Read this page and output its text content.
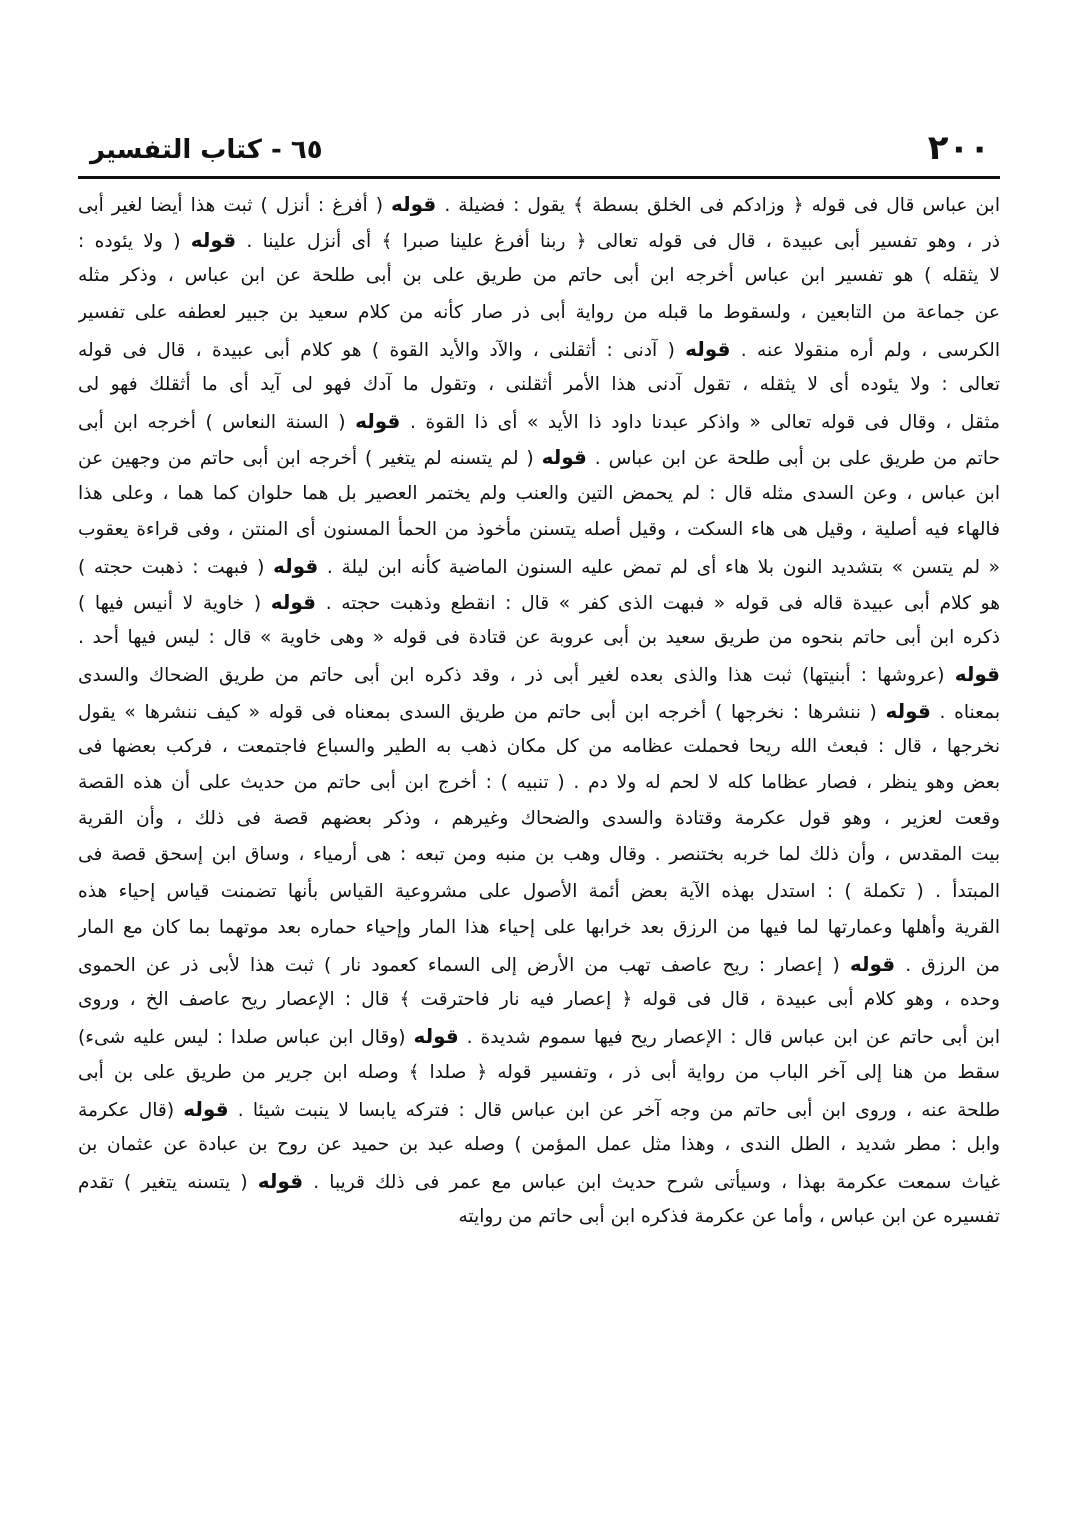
٢٠٠
٦٥ - كتاب التفسير
ابن عباس قال فى قوله ﴿ وزادكم فى الخلق بسطة ﴾ يقول : فضيلة . قوله ( أفرغ : أنزل ) ثبت هذا أيضا لغير أبى
ذر ، وهو تفسير أبى عبيدة ، قال فى قوله تعالى ﴿ ربنا أفرغ علينا صبرا ﴾ أى أنزل علينا . قوله ( ولا يئوده :
لا يثقله ) هو تفسير ابن عباس أخرجه ابن أبى حاتم من طريق على بن أبى طلحة عن ابن عباس ، وذكر مثله
عن جماعة من التابعين ، ولسقوط ما قبله من رواية أبى ذر صار كأنه من كلام سعيد بن جبير لعطفه على تفسير
الكرسى ، ولم أره منقولا عنه . قوله ( آدنى : أثقلنى ، والآد والأيد القوة ) هو كلام أبى عبيدة ، قال فى قوله
تعالى : ولا يئوده أى لا يثقله ، تقول آدنى هذا الأمر أثقلنى ، وتقول ما آدك فهو لى آيد أى ما أثقلك فهو لى
مثقل ، وقال فى قوله تعالى « واذكر عبدنا داود ذا الأيد » أى ذا القوة . قوله ( السنة النعاس ) أخرجه ابن أبى
حاتم من طريق على بن أبى طلحة عن ابن عباس . قوله ( لم يتسنه لم يتغير ) أخرجه ابن أبى حاتم من وجهين عن
ابن عباس ، وعن السدى مثله قال : لم يحمض التين والعنب ولم يختمر العصير بل هما حلوان كما هما ، وعلى هذا
فالهاء فيه أصلية ، وقيل هى هاء السكت ، وقيل أصله يتسنن مأخوذ من الحمأ المسنون أى المنتن ، وفى قراءة يعقوب
« لم يتسن » بتشديد النون بلا هاء أى لم تمض عليه السنون الماضية كأنه ابن ليلة . قوله ( فبهت : ذهبت حجته )
هو كلام أبى عبيدة قاله فى قوله « فبهت الذى كفر » قال : انقطع وذهبت حجته . قوله ( خاوية لا أنيس فيها )
ذكره ابن أبى حاتم بنحوه من طريق سعيد بن أبى عروبة عن قتادة فى قوله « وهى خاوية » قال : ليس فيها أحد .
قوله (عروشها : أبنيتها) ثبت هذا والذى بعده لغير أبى ذر ، وقد ذكره ابن أبى حاتم من طريق الضحاك والسدى
بمعناه . قوله ( ننشرها : نخرجها ) أخرجه ابن أبى حاتم من طريق السدى بمعناه فى قوله « كيف ننشرها » يقول
نخرجها ، قال : فبعث الله ريحا فحملت عظامه من كل مكان ذهب به الطير والسباع فاجتمعت ، فركب بعضها فى
بعض وهو ينظر ، فصار عظاما كله لا لحم له ولا دم . ( تنبيه ) : أخرج ابن أبى حاتم من حديث على أن هذه القصة
وقعت لعزير ، وهو قول عكرمة وقتادة والسدى والضحاك وغيرهم ، وذكر بعضهم قصة فى ذلك ، وأن القرية
بيت المقدس ، وأن ذلك لما خربه بختنصر . وقال وهب بن منبه ومن تبعه : هى أرمياء ، وساق ابن إسحق قصة فى
المبتدأ . ( تكملة ) : استدل بهذه الآية بعض أئمة الأصول على مشروعية القياس بأنها تضمنت قياس إحياء هذه
القرية وأهلها وعمارتها لما فيها من الرزق بعد خرابها على إحياء هذا المار وإحياء حماره بعد موتهما بما كان مع المار
من الرزق . قوله ( إعصار : ريح عاصف تهب من الأرض إلى السماء كعمود نار ) ثبت هذا لأبى ذر عن الحموى
وحده ، وهو كلام أبى عبيدة ، قال فى قوله ﴿ إعصار فيه نار فاحترقت ﴾ قال : الإعصار ريح عاصف الخ ، وروى
ابن أبى حاتم عن ابن عباس قال : الإعصار ريح فيها سموم شديدة . قوله (وقال ابن عباس صلدا : ليس عليه شىء)
سقط من هنا إلى آخر الباب من رواية أبى ذر ، وتفسير قوله ﴿ صلدا ﴾ وصله ابن جرير من طريق على بن أبى
طلحة عنه ، وروى ابن أبى حاتم من وجه آخر عن ابن عباس قال : فتركه يابسا لا ينبت شيئا . قوله (قال عكرمة
وابل : مطر شديد ، الطل الندى ، وهذا مثل عمل المؤمن ) وصله عبد بن حميد عن روح بن عبادة عن عثمان بن
غياث سمعت عكرمة بهذا ، وسيأتى شرح حديث ابن عباس مع عمر فى ذلك قريبا . قوله ( يتسنه يتغير ) تقدم
تفسيره عن ابن عباس ، وأما عن عكرمة فذكره ابن أبى حاتم من روايته
